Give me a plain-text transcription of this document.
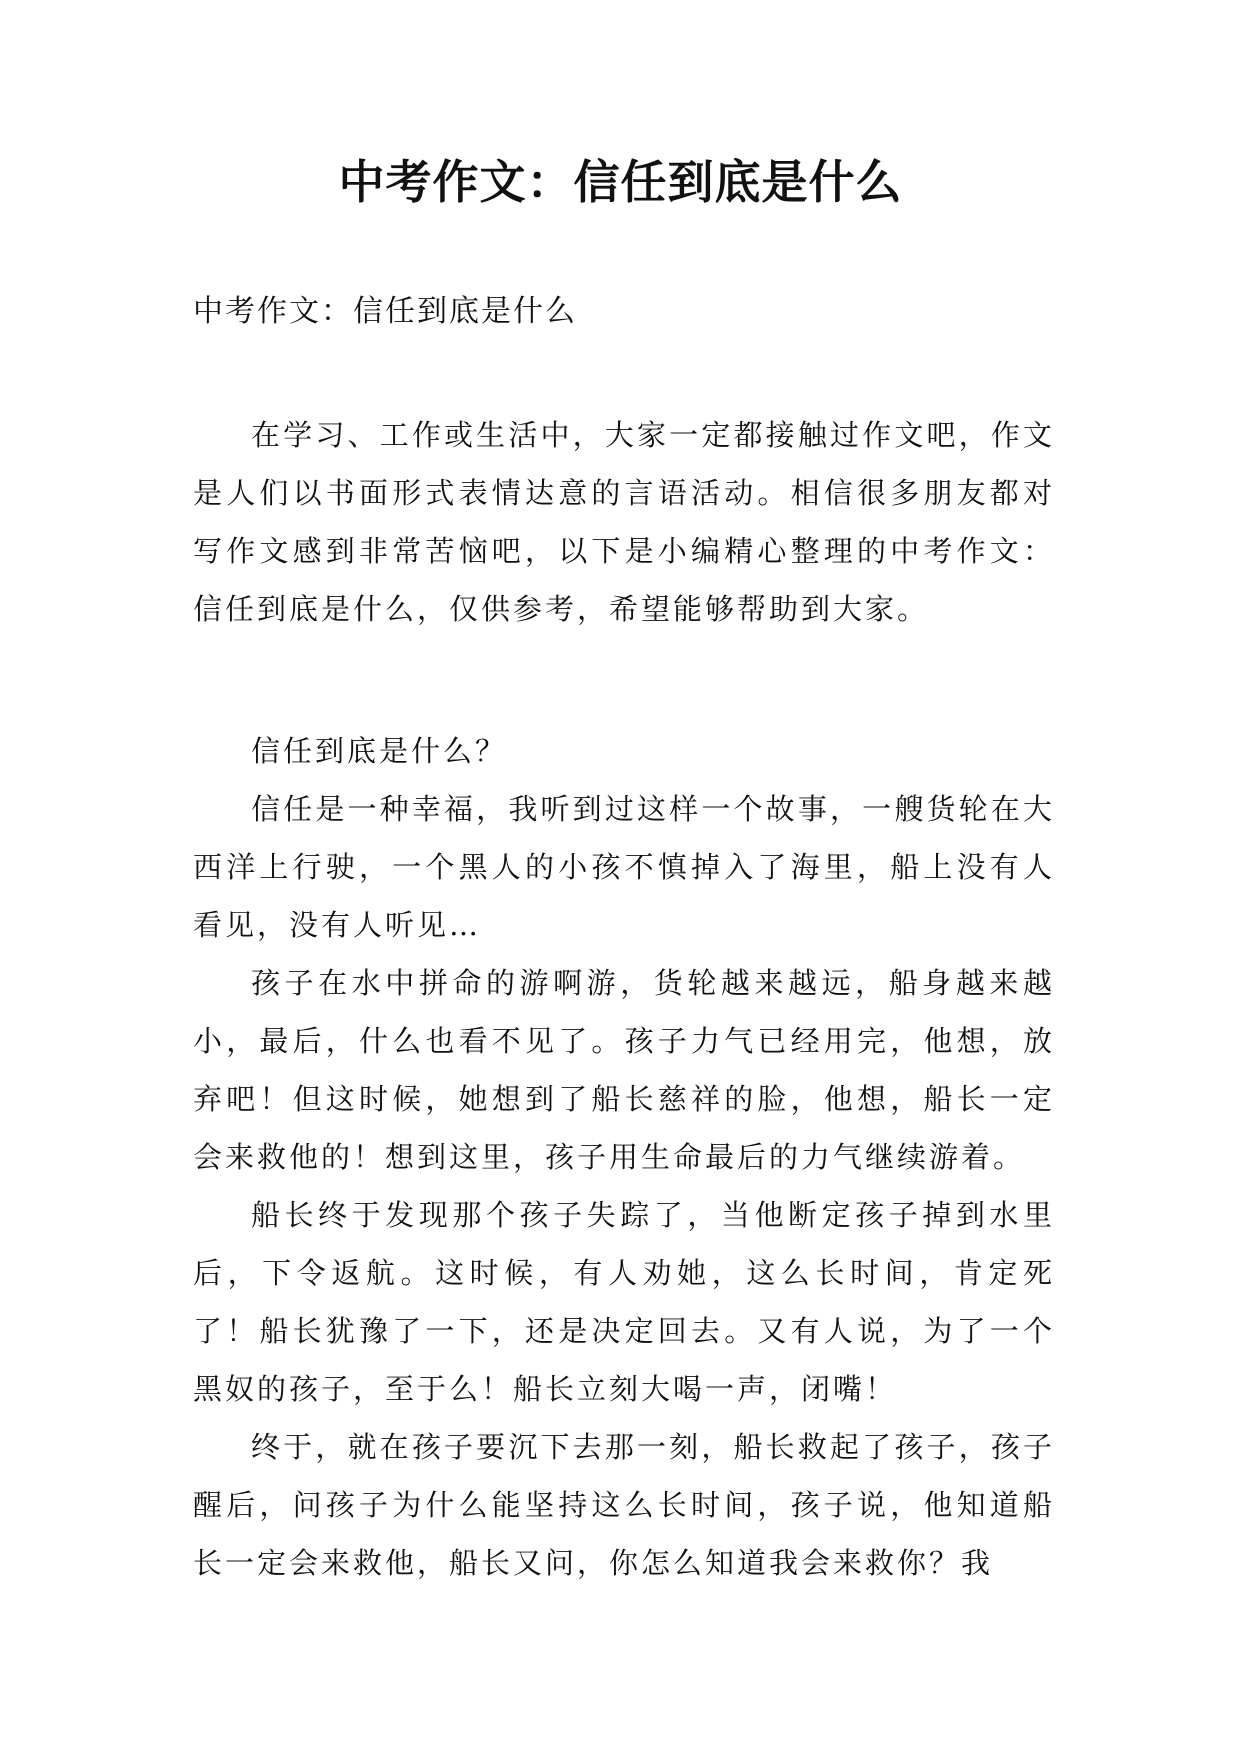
中考作文：信任到底是什么
中考作文：信任到底是什么

在学习、工作或生活中，大家一定都接触过作文吧，作文是人们以书面形式表情达意的言语活动。相信很多朋友都对写作文感到非常苦恼吧，以下是小编精心整理的中考作文：信任到底是什么，仅供参考，希望能够帮助到大家。

信任到底是什么？

信任是一种幸福，我听到过这样一个故事，一艘货轮在大西洋上行驶，一个黑人的小孩不慎掉入了海里，船上没有人看见，没有人听见…

孩子在水中拼命的游啊游，货轮越来越远，船身越来越小，最后，什么也看不见了。孩子力气已经用完，他想，放弃吧！但这时候，她想到了船长慈祥的脸，他想，船长一定会来救他的！想到这里，孩子用生命最后的力气继续游着。

船长终于发现那个孩子失踪了，当他断定孩子掉到水里后，下令返航。这时候，有人劝她，这么长时间，肯定死了！船长犹豫了一下，还是决定回去。又有人说，为了一个黑奴的孩子，至于么！船长立刻大喝一声，闭嘴！

终于，就在孩子要沉下去那一刻，船长救起了孩子，孩子醒后，问孩子为什么能坚持这么长时间，孩子说，他知道船长一定会来救他，船长又问，你怎么知道我会来救你？我
